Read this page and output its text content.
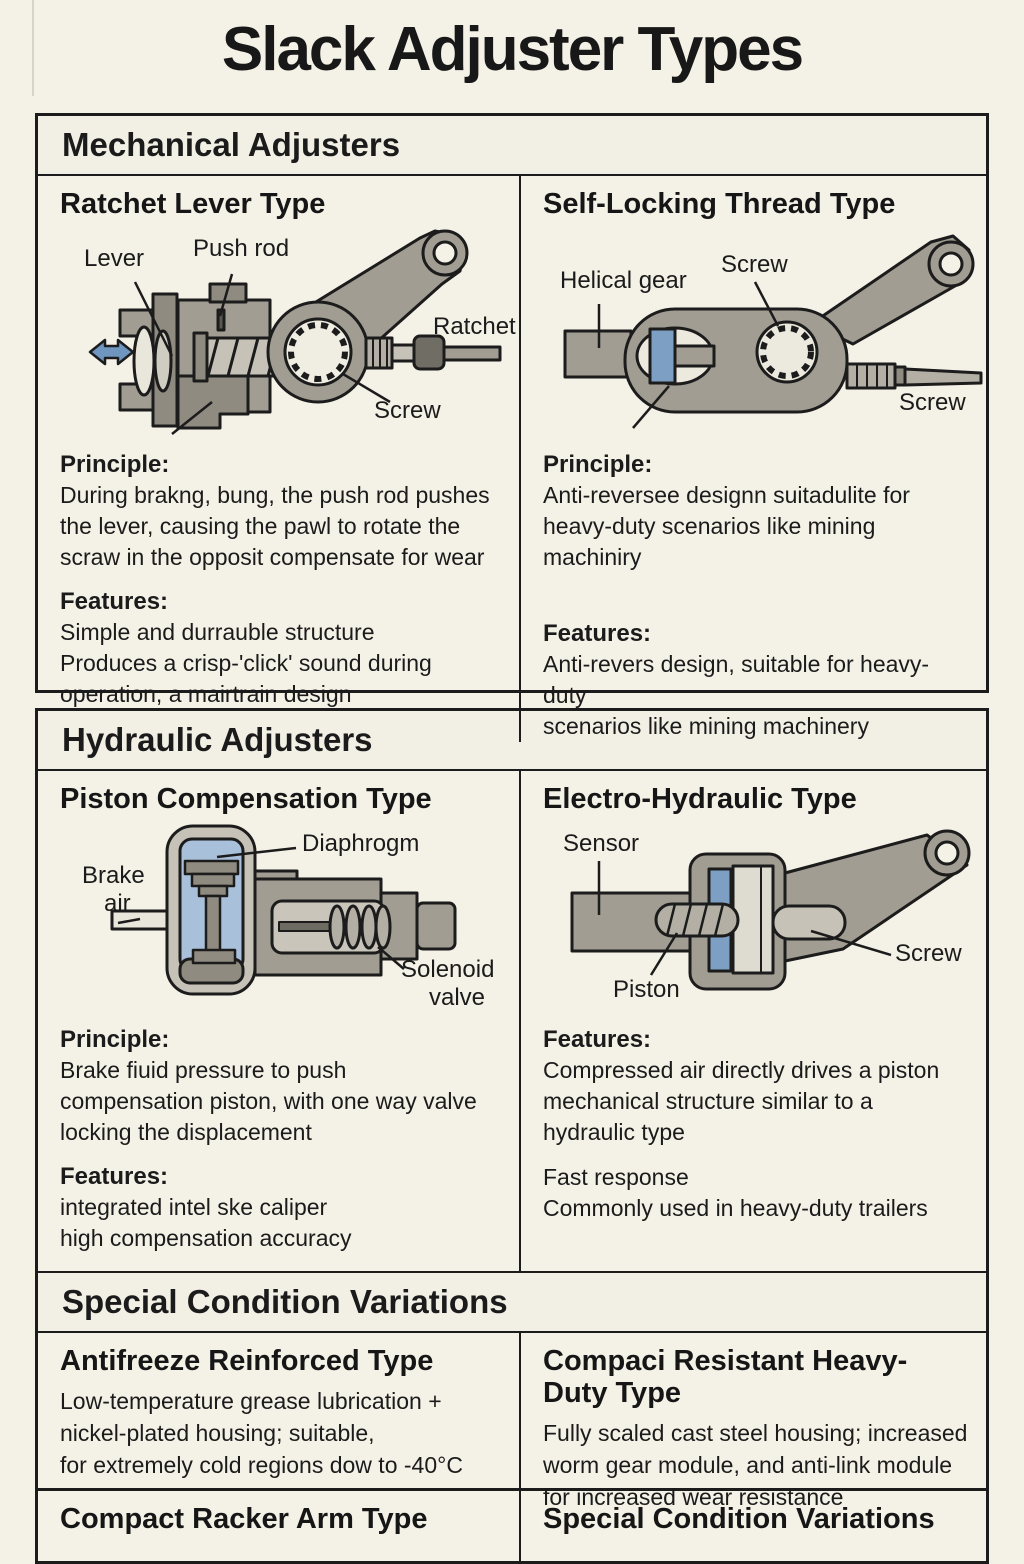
Slack Adjuster Types
Mechanical Adjusters
Ratchet Lever Type
Lever Push rod
Ratchet
Screw
Principle:
During brakng, bung, the push rod pushes
the lever, causing the pawl to rotate the
scraw in the opposit compensate for wear
Features:
Simple and durrauble structure
Produces a crisp-'click' sound during
operation, a mairtrain design
Self-Locking Thread Type
Helical gear
Screw
Screw
Principle:
Anti-reversee designn suitadulite for
heavy-duty scenarios like mining machiniry
Features:
Anti-revers design, suitable for heavy-duty
scenarios like mining machinery
Hydraulic Adjusters
Piston Compensation Type
Brake
air
Diaphrogm
Solenoid
valve
Principle:
Brake fiuid pressure to push
compensation piston, with one way valve
locking the displacement
Features:
integrated intel ske caliper
high compensation accuracy
Electro-Hydraulic Type
Sensor
Piston
Screw
Features:
Compressed air directly drives a piston
mechanical structure similar to a
hydraulic type
Fast response
Commonly used in heavy-duty trailers
Special Condition Variations
Antifreeze Reinforced Type
Low-temperature grease lubrication +
nickel-plated housing; suitable,
for extremely cold regions dow to -40°C
Compaci Resistant Heavy-Duty Type
Fully scaled cast steel housing; increased
worm gear module, and anti-link module
for increased wear resistance
Compact Racker Arm Type	Special Condition Variations
